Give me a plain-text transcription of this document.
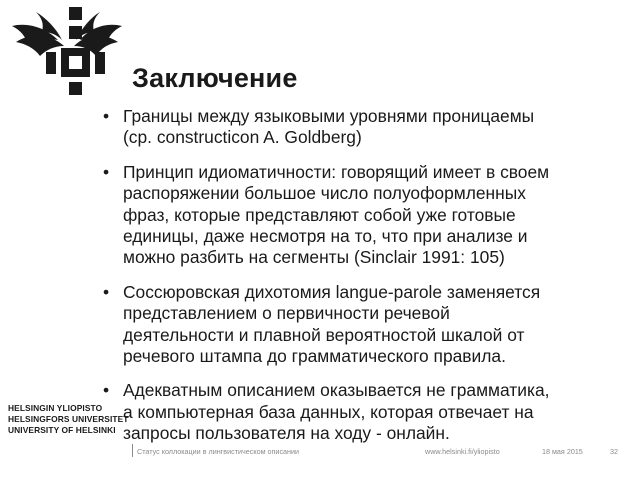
Заключение
• Границы между языковыми уровнями проницаемы
(ср. constructicon A. Goldberg)
• Принцип идиоматичности: говорящий имеет в своем
распоряжении большое число полуоформленных
фраз, которые представляют собой уже готовые
единицы, даже несмотря на то, что при анализе и
можно разбить на сегменты (Sinclair 1991: 105)
• Соссюровская дихотомия langue-parole заменяется
представлением о первичности речевой
деятельности и плавной вероятностой шкалой от
речевого штампа до грамматического правила.
• Адекватным описанием оказывается не грамматика,
а компьютерная база данных, которая отвечает на
запросы пользователя на ходу - онлайн.
HELSINGIN YLIOPISTO
HELSINGFORS UNIVERSITET
UNIVERSITY OF HELSINKI
Статус коллокации в лингвистическом описании	www.helsinki.fi/yliopisto	18 мая 2015	32
